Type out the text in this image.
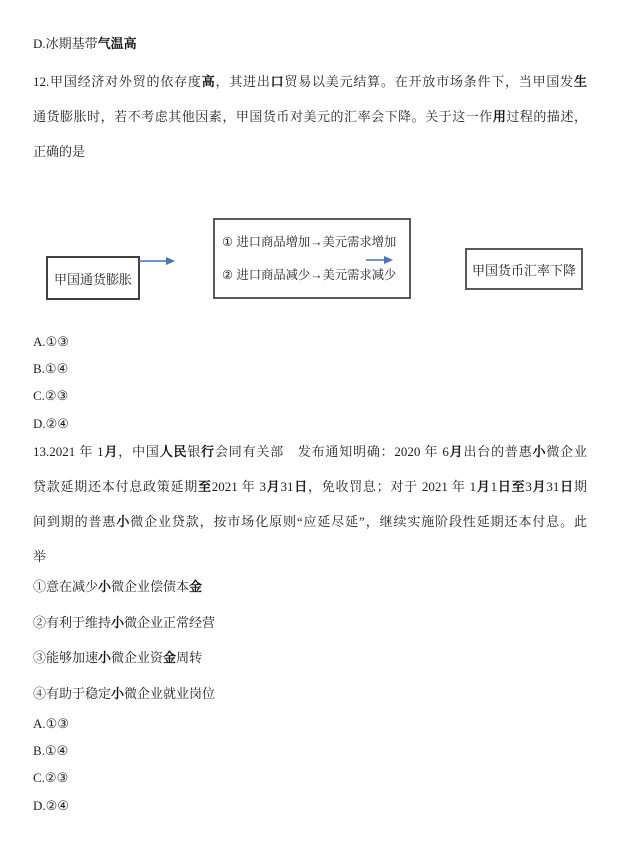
D.冰期基带气温高
12.甲国经济对外贸的依存度高，其进出口贸易以美元结算。在开放市场条件下，当甲国发生
通货膨胀时，若不考虑其他因素，甲国货币对美元的汇率会下降。关于这一作用过程的描述，
正确的是
甲国通货膨胀
① 进口商品增加→美元需求增加
② 进口商品减少→美元需求减少	甲国货币汇率下降
A.①③
B.①④
C.②③
D.②④
13.2021 年 1月，中国人民银行会同有关部　发布通知明确：2020 年 6月出台的普惠小微企业
贷款延期还本付息政策延期至2021 年 3月31日，免收罚息；对于 2021 年 1月1日至3月31日期
间到期的普惠小微企业贷款，按市场化原则“应延尽延”，继续实施阶段性延期还本付息。此
举
①意在减少小微企业偿债本金
②有利于维持小微企业正常经营
③能够加速小微企业资金周转
④有助于稳定小微企业就业岗位
A.①③
B.①④
C.②③
D.②④
